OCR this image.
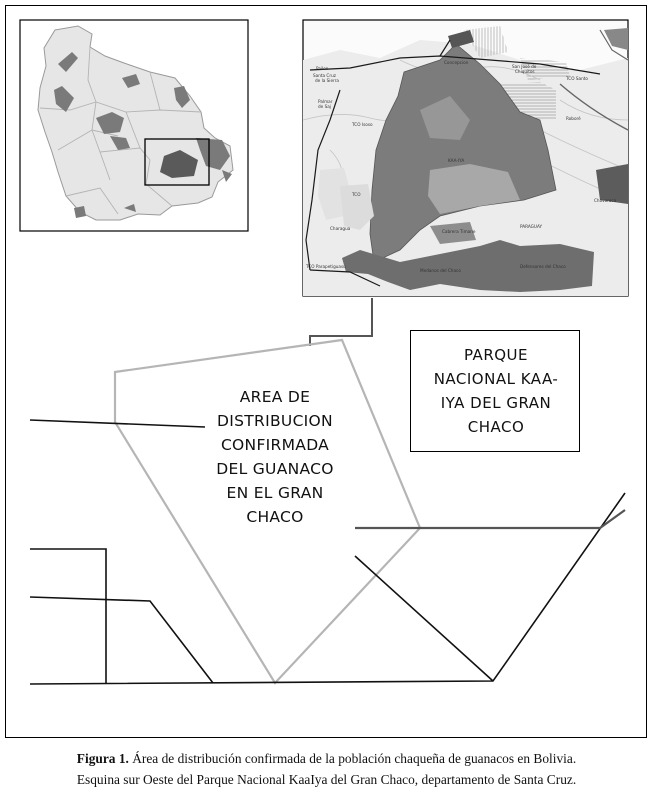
Pailon
Santa Cruz
de la Sierra
Concepcion
San José de
Chiquitos
Roboré
Palmar
de Saj
TCO Isoso
KAA-IYA
Charagua	PARAGUAY
Cabrera Timane
Medanos del Chaco
Defensores del Chaco
TCO Parapetiguasu
Chovoreca
TCO Santo
TCO
AREA DE
DISTRIBUCION
CONFIRMADA
DEL GUANACO
EN EL GRAN
CHACO
PARQUE
NACIONAL KAA-
IYA DEL GRAN
CHACO
Figura 1. Área de distribución confirmada de la población chaqueña de guanacos en Bolivia.
Esquina sur Oeste del Parque Nacional KaaIya del Gran Chaco, departamento de Santa Cruz.
